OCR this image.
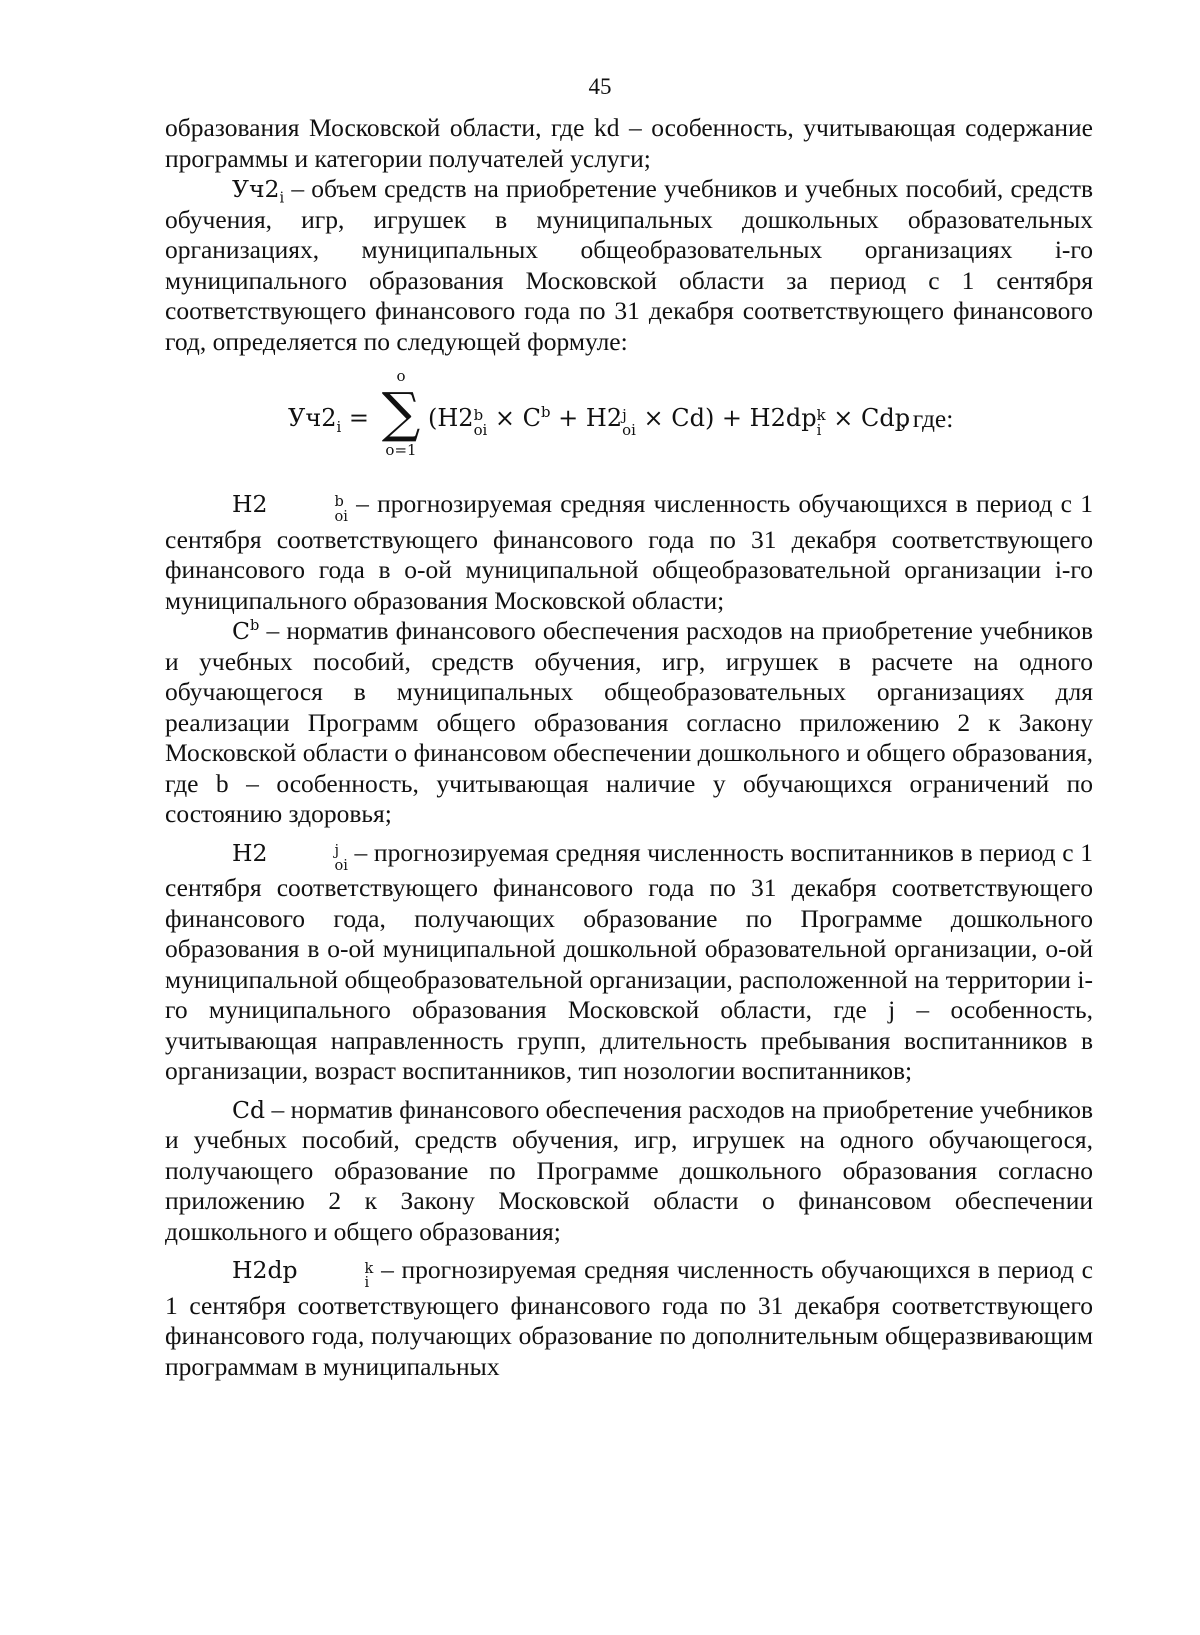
45

образования Московской области, где kd – особенность, учитывающая содержание программы и категории получателей услуги;

$Уч2_i$ – объем средств на приобретение учебников и учебных пособий, средств обучения, игр, игрушек в муниципальных дошкольных образовательных организациях, муниципальных общеобразовательных организациях i-го муниципального образования Московской области за период с 1 сентября соответствующего финансового года по 31 декабря соответствующего финансового год, определяется по следующей формуле:

$Уч2_i$ =
o
∑
o=1
(Н2 b
oi × $C^b + Н2$ j
oi × Cd) + Н2dp k
i × Cdp
, где:

Н2	b
oi – прогнозируемая средняя численность обучающихся в период с 1 сентября соответствующего финансового года по 31 декабря соответствующего финансового года в о-ой муниципальной общеобразовательной организации i-го муниципального образования Московской области;

$C^b$ – норматив финансового обеспечения расходов на приобретение учебников и учебных пособий, средств обучения, игр, игрушек в расчете на одного обучающегося в муниципальных общеобразовательных организациях для реализации Программ общего образования согласно приложению 2 к Закону Московской области о финансовом обеспечении дошкольного и общего образования, где b – особенность, учитывающая наличие у обучающихся ограничений по состоянию здоровья;

Н2	j
oi – прогнозируемая средняя численность воспитанников в период с 1 сентября соответствующего финансового года по 31 декабря соответствующего финансового года, получающих образование по Программе дошкольного образования в о-ой муниципальной дошкольной образовательной организации, о-ой муниципальной общеобразовательной организации, расположенной на территории i-го муниципального образования Московской области, где j – особенность, учитывающая направленность групп, длительность пребывания воспитанников в организации, возраст воспитанников, тип нозологии воспитанников;

Cd – норматив финансового обеспечения расходов на приобретение учебников и учебных пособий, средств обучения, игр, игрушек на одного обучающегося, получающего образование по Программе дошкольного образования согласно приложению 2 к Закону Московской области о финансовом обеспечении дошкольного и общего образования;

Н2dp	k
i – прогнозируемая средняя численность обучающихся в период с 1 сентября соответствующего финансового года по 31 декабря соответствующего финансового года, получающих образование по дополнительным общеразвивающим программам в муниципальных
